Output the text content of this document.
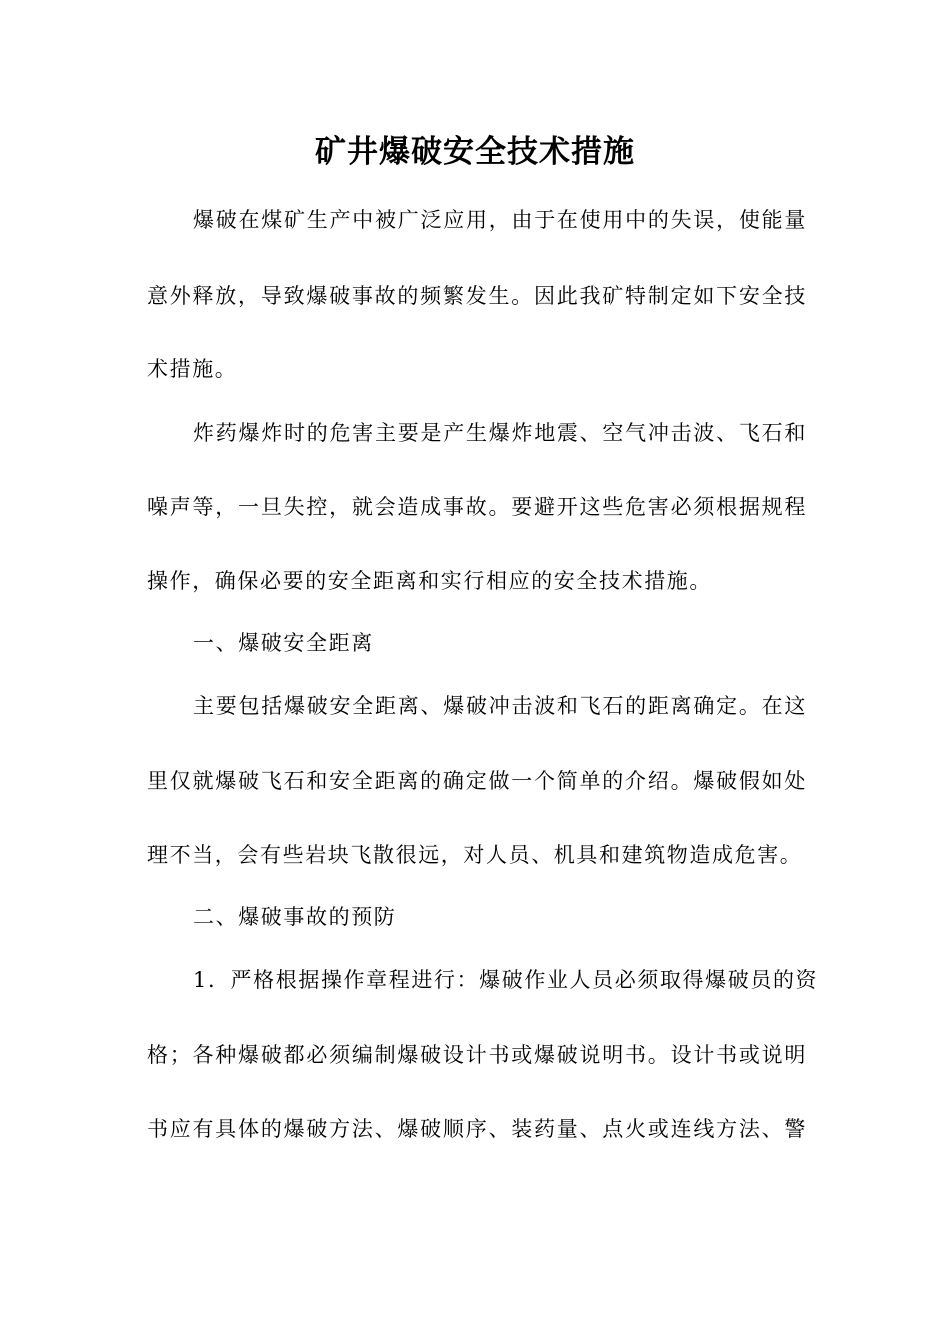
矿井爆破安全技术措施
爆破在煤矿生产中被广泛应用，由于在使用中的失误，使能量
意外释放，导致爆破事故的频繁发生。因此我矿特制定如下安全技
术措施。
炸药爆炸时的危害主要是产生爆炸地震、空气冲击波、飞石和
噪声等，一旦失控，就会造成事故。要避开这些危害必须根据规程
操作，确保必要的安全距离和实行相应的安全技术措施。
一、爆破安全距离
主要包括爆破安全距离、爆破冲击波和飞石的距离确定。在这
里仅就爆破飞石和安全距离的确定做一个简单的介绍。爆破假如处
理不当，会有些岩块飞散很远，对人员、机具和建筑物造成危害。
二、爆破事故的预防
1．严格根据操作章程进行：爆破作业人员必须取得爆破员的资
格；各种爆破都必须编制爆破设计书或爆破说明书。设计书或说明
书应有具体的爆破方法、爆破顺序、装药量、点火或连线方法、警
